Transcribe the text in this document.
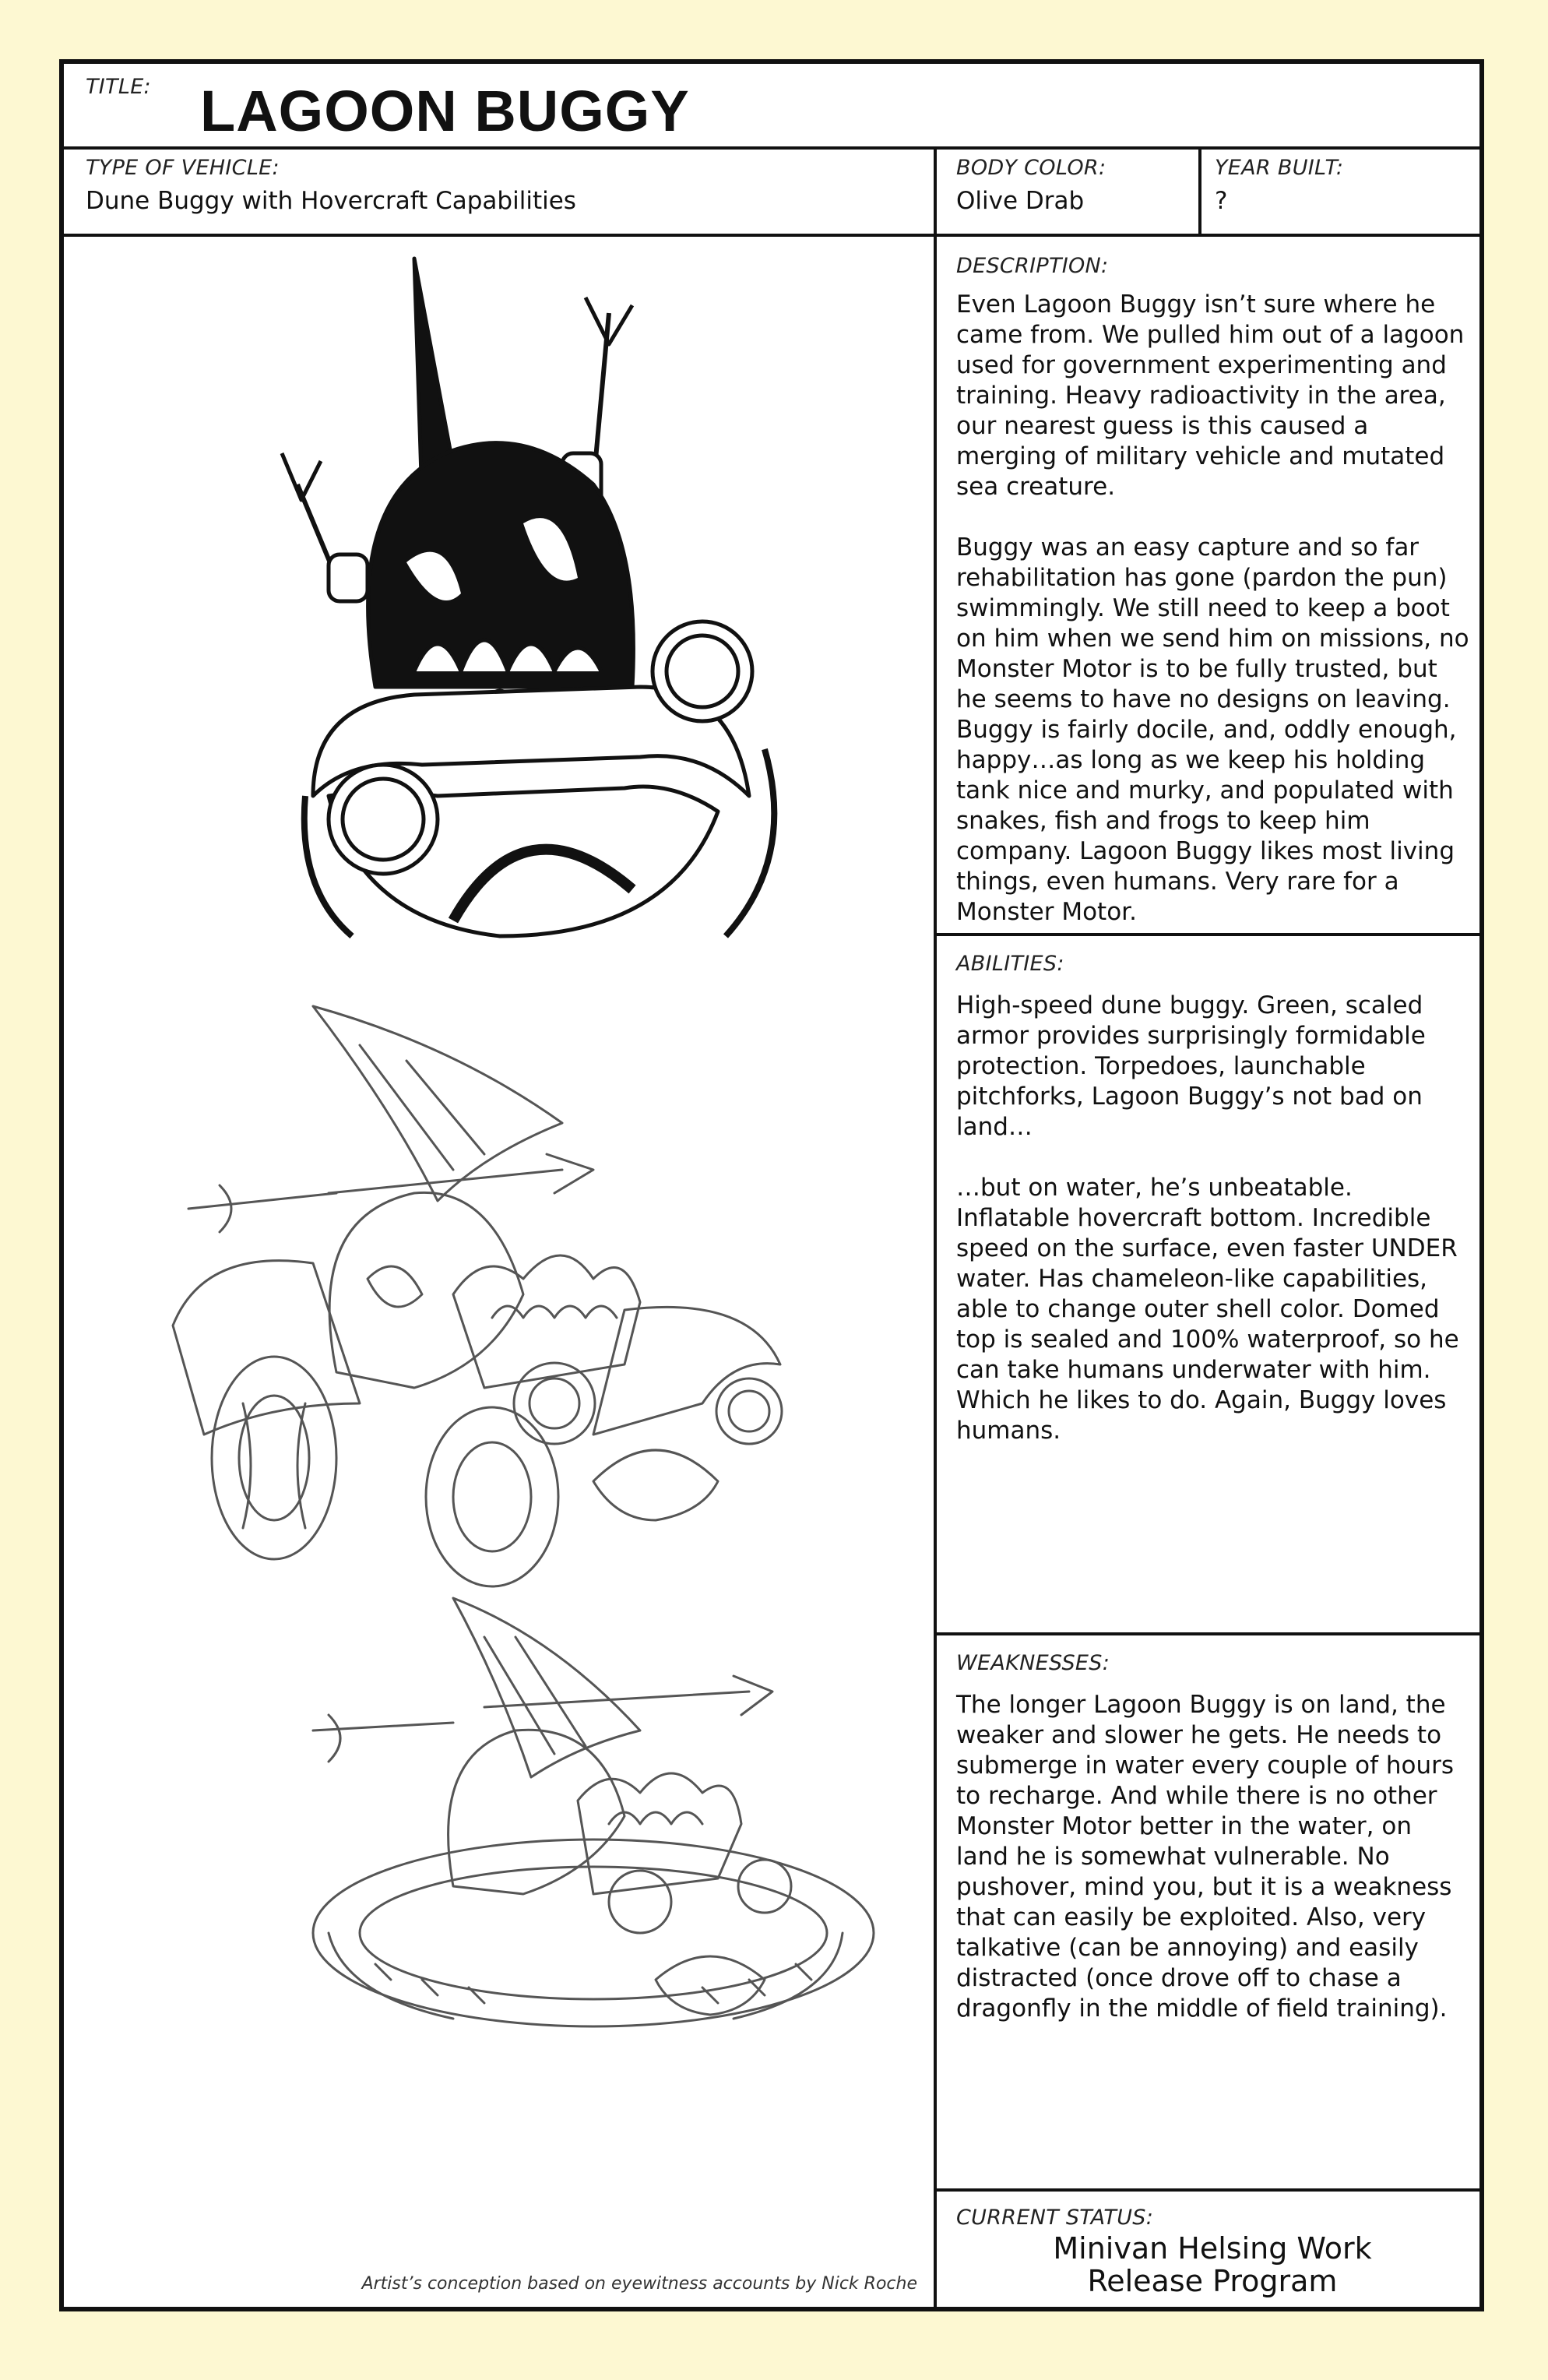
TITLE: LAGOON BUGGY
TYPE OF VEHICLE:
Dune Buggy with Hovercraft Capabilities
BODY COLOR:
Olive Drab
YEAR BUILT:
?
DESCRIPTION:

Even Lagoon Buggy isn’t sure where he came from. We pulled him out of a lagoon used for government experimenting and training. Heavy radioactivity in the area, our nearest guess is this caused a merging of military vehicle and mutated sea creature.

Buggy was an easy capture and so far rehabilitation has gone (pardon the pun) swimmingly. We still need to keep a boot on him when we send him on missions, no Monster Motor is to be fully trusted, but he seems to have no designs on leaving. Buggy is fairly docile, and, oddly enough, happy…as long as we keep his holding tank nice and murky, and populated with snakes, fish and frogs to keep him company. Lagoon Buggy likes most living things, even humans. Very rare for a Monster Motor.

ABILITIES:

High-speed dune buggy. Green, scaled armor provides surprisingly formidable protection. Torpedoes, launchable pitchforks, Lagoon Buggy’s not bad on land…

…but on water, he’s unbeatable. Inflatable hovercraft bottom. Incredible speed on the surface, even faster UNDER water. Has chameleon-like capabilities, able to change outer shell color. Domed top is sealed and 100% waterproof, so he can take humans underwater with him. Which he likes to do. Again, Buggy loves humans.

WEAKNESSES:

The longer Lagoon Buggy is on land, the weaker and slower he gets. He needs to submerge in water every couple of hours to recharge. And while there is no other Monster Motor better in the water, on land he is somewhat vulnerable. No pushover, mind you, but it is a weakness that can easily be exploited. Also, very talkative (can be annoying) and easily distracted (once drove off to chase a dragonfly in the middle of field training).

CURRENT STATUS:
Minivan Helsing Work
Release Program
Artist’s conception based on eyewitness accounts by Nick Roche
